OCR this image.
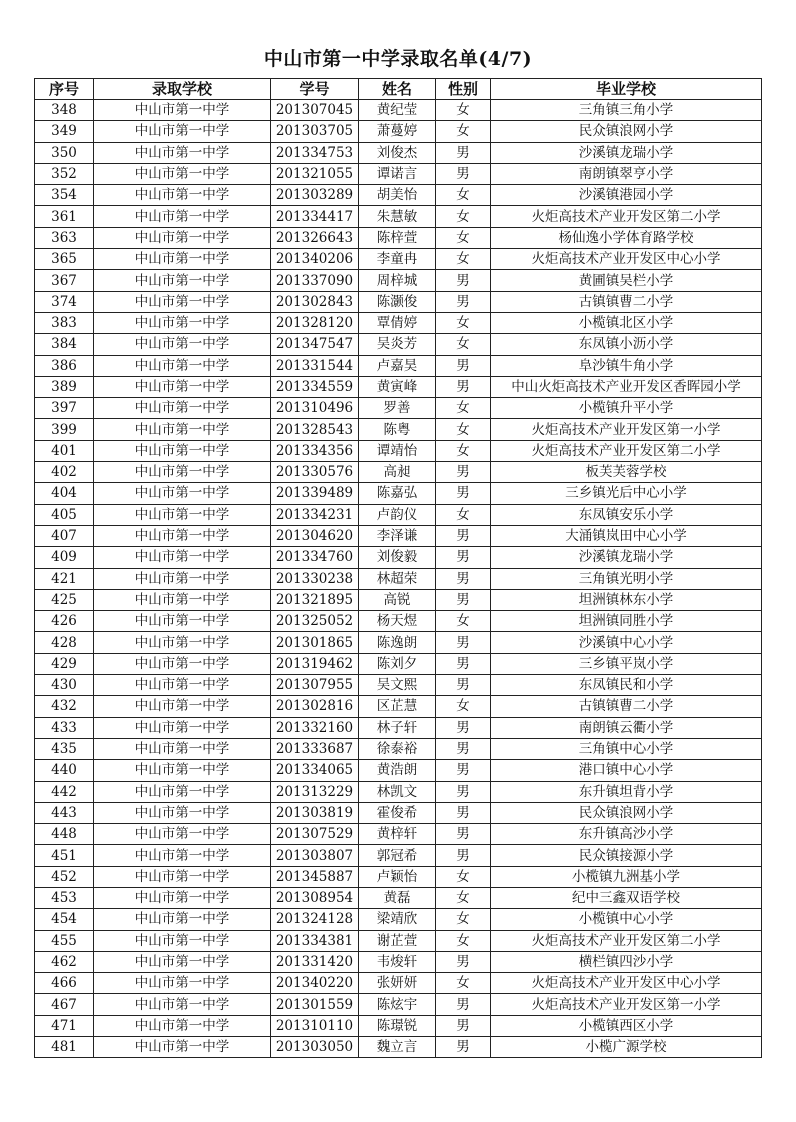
中山市第一中学录取名单(4/7)
序号	录取学校	学号	姓名	性别	毕业学校
348	中山市第一中学	201307045	黄纪莹	女	三角镇三角小学
349	中山市第一中学	201303705	萧蔓婷	女	民众镇浪网小学
350	中山市第一中学	201334753	刘俊杰	男	沙溪镇龙瑞小学
352	中山市第一中学	201321055	谭诺言	男	南朗镇翠亨小学
354	中山市第一中学	201303289	胡美怡	女	沙溪镇港园小学
361	中山市第一中学	201334417	朱慧敏	女	火炬高技术产业开发区第二小学
363	中山市第一中学	201326643	陈梓萱	女	杨仙逸小学体育路学校
365	中山市第一中学	201340206	李童冉	女	火炬高技术产业开发区中心小学
367	中山市第一中学	201337090	周梓城	男	黄圃镇吴栏小学
374	中山市第一中学	201302843	陈灏俊	男	古镇镇曹二小学
383	中山市第一中学	201328120	覃倩婷	女	小榄镇北区小学
384	中山市第一中学	201347547	吴炎芳	女	东凤镇小沥小学
386	中山市第一中学	201331544	卢嘉昊	男	阜沙镇牛角小学
389	中山市第一中学	201334559	黄寅峰	男	中山火炬高技术产业开发区香晖园小学
397	中山市第一中学	201310496	罗善	女	小榄镇升平小学
399	中山市第一中学	201328543	陈粤	女	火炬高技术产业开发区第一小学
401	中山市第一中学	201334356	谭靖怡	女	火炬高技术产业开发区第二小学
402	中山市第一中学	201330576	高昶	男	板芙芙蓉学校
404	中山市第一中学	201339489	陈嘉弘	男	三乡镇光后中心小学
405	中山市第一中学	201334231	卢韵仪	女	东凤镇安乐小学
407	中山市第一中学	201304620	李泽谦	男	大涌镇岚田中心小学
409	中山市第一中学	201334760	刘俊毅	男	沙溪镇龙瑞小学
421	中山市第一中学	201330238	林超荣	男	三角镇光明小学
425	中山市第一中学	201321895	高锐	男	坦洲镇林东小学
426	中山市第一中学	201325052	杨天煜	女	坦洲镇同胜小学
428	中山市第一中学	201301865	陈逸朗	男	沙溪镇中心小学
429	中山市第一中学	201319462	陈刘夕	男	三乡镇平岚小学
430	中山市第一中学	201307955	吴文熙	男	东凤镇民和小学
432	中山市第一中学	201302816	区芷慧	女	古镇镇曹二小学
433	中山市第一中学	201332160	林子轩	男	南朗镇云衢小学
435	中山市第一中学	201333687	徐泰裕	男	三角镇中心小学
440	中山市第一中学	201334065	黄浩朗	男	港口镇中心小学
442	中山市第一中学	201313229	林凯文	男	东升镇坦背小学
443	中山市第一中学	201303819	霍俊希	男	民众镇浪网小学
448	中山市第一中学	201307529	黄梓轩	男	东升镇高沙小学
451	中山市第一中学	201303807	郭冠希	男	民众镇接源小学
452	中山市第一中学	201345887	卢颖怡	女	小榄镇九洲基小学
453	中山市第一中学	201308954	黄磊	女	纪中三鑫双语学校
454	中山市第一中学	201324128	梁靖欣	女	小榄镇中心小学
455	中山市第一中学	201334381	谢芷萱	女	火炬高技术产业开发区第二小学
462	中山市第一中学	201331420	韦焌轩	男	横栏镇四沙小学
466	中山市第一中学	201340220	张妍妍	女	火炬高技术产业开发区中心小学
467	中山市第一中学	201301559	陈炫宇	男	火炬高技术产业开发区第一小学
471	中山市第一中学	201310110	陈璟锐	男	小榄镇西区小学
481	中山市第一中学	201303050	魏立言	男	小榄广源学校
